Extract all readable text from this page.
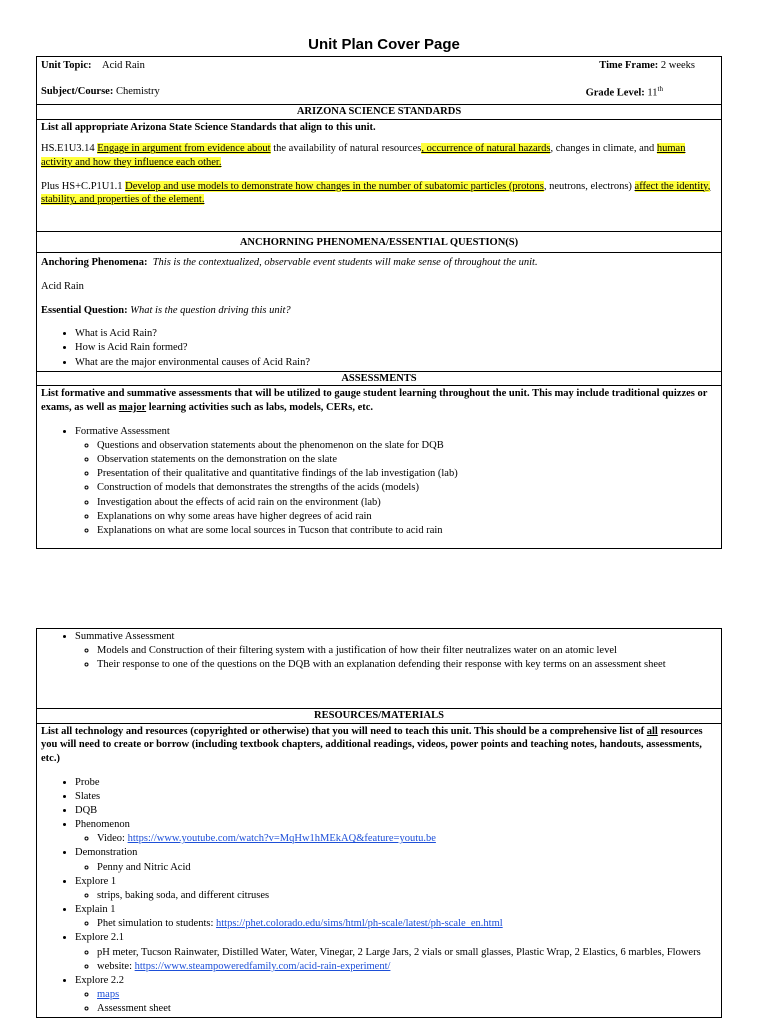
Unit Plan Cover Page
Unit Topic: Acid Rain	Time Frame: 2 weeks
Subject/Course: Chemistry	Grade Level: 11th

ARIZONA SCIENCE STANDARDS

List all appropriate Arizona State Science Standards that align to this unit.

HS.E1U3.14 Engage in argument from evidence about the availability of natural resources, occurrence of natural hazards, changes in climate, and human activity and how they influence each other.

Plus HS+C.P1U1.1 Develop and use models to demonstrate how changes in the number of subatomic particles (protons, neutrons, electrons) affect the identity, stability, and properties of the element.

ANCHORNING PHENOMENA/ESSENTIAL QUESTION(S)

Anchoring Phenomena: This is the contextualized, observable event students will make sense of throughout the unit.

Acid Rain

Essential Question: What is the question driving this unit?

• What is Acid Rain?
• How is Acid Rain formed?
• What are the major environmental causes of Acid Rain?

ASSESSMENTS

List formative and summative assessments that will be utilized to gauge student learning throughout the unit. This may include traditional quizzes or exams, as well as major learning activities such as labs, models, CERs, etc.

• Formative Assessment
◦ Questions and observation statements about the phenomenon on the slate for DQB
◦ Observation statements on the demonstration on the slate
◦ Presentation of their qualitative and quantitative findings of the lab investigation (lab)
◦ Construction of models that demonstrates the strengths of the acids (models)
◦ Investigation about the effects of acid rain on the environment (lab)
◦ Explanations on why some areas have higher degrees of acid rain
◦ Explanations on what are some local sources in Tucson that contribute to acid rain
• Summative Assessment
◦ Models and Construction of their filtering system with a justification of how their filter neutralizes water on an atomic level
◦ Their response to one of the questions on the DQB with an explanation defending their response with key terms on an assessment sheet

RESOURCES/MATERIALS

List all technology and resources (copyrighted or otherwise) that you will need to teach this unit. This should be a comprehensive list of all resources you will need to create or borrow (including textbook chapters, additional readings, videos, power points and teaching notes, handouts, assessments, etc.)

• Probe
• Slates
• DQB
• Phenomenon
◦ Video: https://www.youtube.com/watch?v=MqHw1hMEkAQ&feature=youtu.be
• Demonstration
◦ Penny and Nitric Acid
• Explore 1
◦ strips, baking soda, and different citruses
• Explain 1
◦ Phet simulation to students: https://phet.colorado.edu/sims/html/ph-scale/latest/ph-scale_en.html
• Explore 2.1
◦ pH meter, Tucson Rainwater, Distilled Water, Water, Vinegar, 2 Large Jars, 2 vials or small glasses, Plastic Wrap, 2 Elastics, 6 marbles, Flowers
◦ website: https://www.steampoweredfamily.com/acid-rain-experiment/
• Explore 2.2
◦ maps
◦ Assessment sheet
